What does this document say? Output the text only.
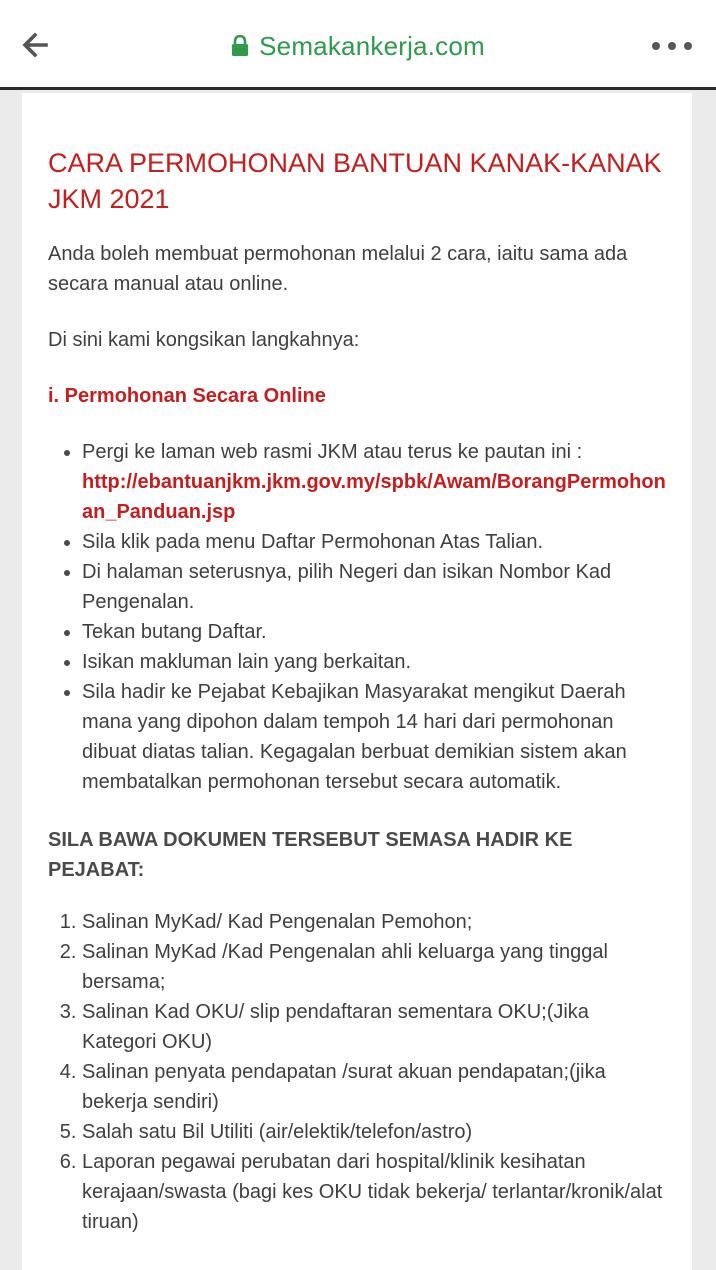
Semakankerja.com
CARA PERMOHONAN BANTUAN KANAK-KANAK JKM 2021

Anda boleh membuat permohonan melalui 2 cara, iaitu sama ada secara manual atau online.

Di sini kami kongsikan langkahnya:

i. Permohonan Secara Online
• Pergi ke laman web rasmi JKM atau terus ke pautan ini :
http://ebantuanjkm.jkm.gov.my/spbk/Awam/BorangPermohonan_Panduan.jsp
• Sila klik pada menu Daftar Permohonan Atas Talian.
• Di halaman seterusnya, pilih Negeri dan isikan Nombor Kad Pengenalan.
• Tekan butang Daftar.
• Isikan makluman lain yang berkaitan.
• Sila hadir ke Pejabat Kebajikan Masyarakat mengikut Daerah mana yang dipohon dalam tempoh 14 hari dari permohonan dibuat diatas talian. Kegagalan berbuat demikian sistem akan membatalkan permohonan tersebut secara automatik.
SILA BAWA DOKUMEN TERSEBUT SEMASA HADIR KE PEJABAT:
1. Salinan MyKad/ Kad Pengenalan Pemohon;
2. Salinan MyKad /Kad Pengenalan ahli keluarga yang tinggal bersama;
3. Salinan Kad OKU/ slip pendaftaran sementara OKU;(Jika Kategori OKU)
4. Salinan penyata pendapatan /surat akuan pendapatan;(jika bekerja sendiri)
5. Salah satu Bil Utiliti (air/elektik/telefon/astro)
6. Laporan pegawai perubatan dari hospital/klinik kesihatan kerajaan/swasta (bagi kes OKU tidak bekerja/ terlantar/kronik/alat tiruan)
